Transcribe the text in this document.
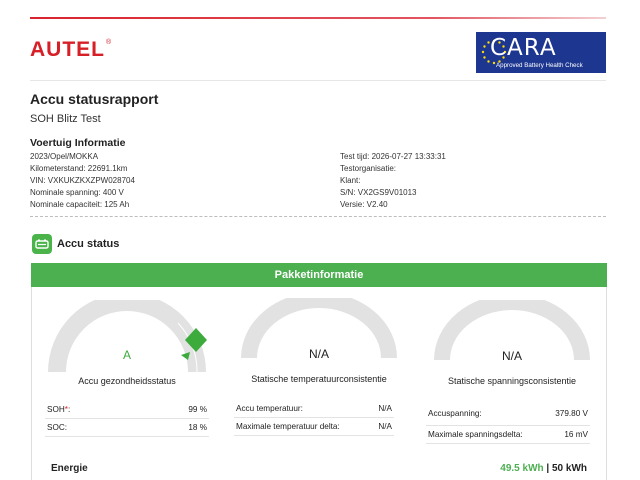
AUTEL®	CARA
Approved Battery Health Check
Accu statusrapport
SOH Blitz Test
Voertuig Informatie
2023/Opel/MOKKA
Kilometerstand: 22691.1km
VIN: VXKUKZKXZPW028704
Nominale spanning: 400 V
Nominale capaciteit: 125 Ah
Test tijd: 2026-07-27 13:33:31
Testorganisatie:
Klant:
S/N: VX2GS9V01013
Versie: V2.40
Accu status
Pakketinformatie
A
Accu gezondheidsstatus
SOH*:	99 %
SOC:	18 %
N/A
Statische temperatuurconsistentie
Accu temperatuur:	N/A
Maximale temperatuur delta:	N/A
N/A
Statische spanningsconsistentie
Accuspanning:	379.80 V
Maximale spanningsdelta:	16 mV
Energie	49.5 kWh | 50 kWh
